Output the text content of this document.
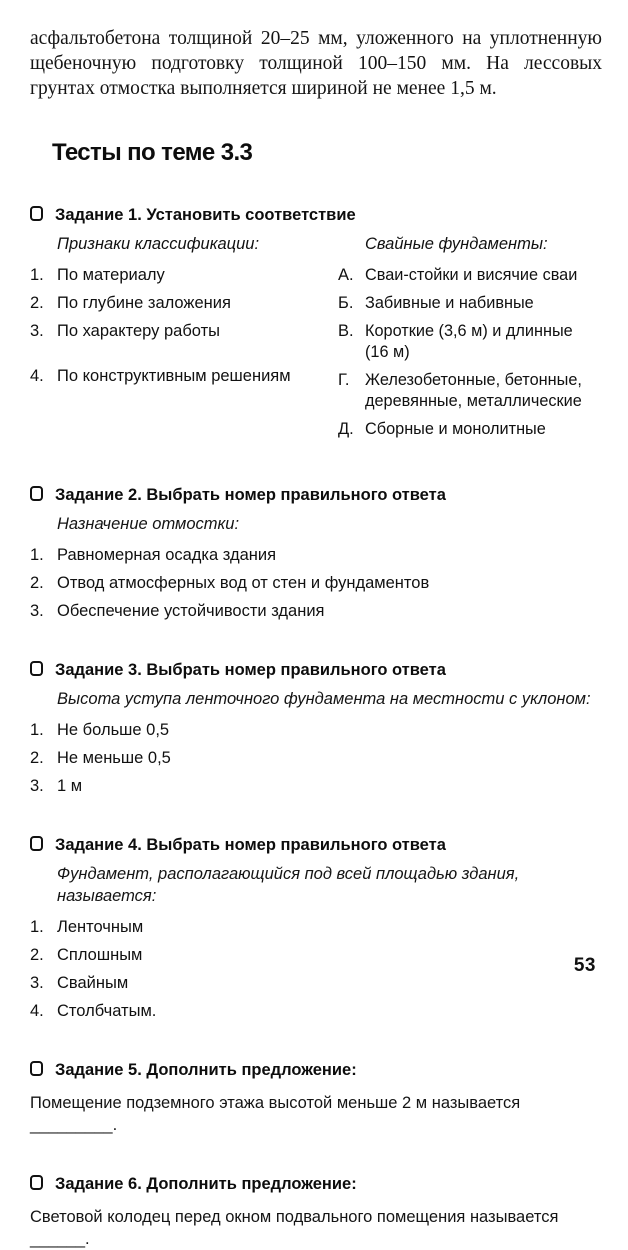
асфальтобетона толщиной 20–25 мм, уложенного на уплотненную щебеночную подготовку толщиной 100–150 мм. На лессовых грунтах отмостка выполняется шириной не менее 1,5 м.

Тесты по теме 3.3
Задание 1. Установить соответствие
Признаки классификации:
1. По материалу
2. По глубине заложения
3. По характеру работы
4. По конструктивным решениям
Свайные фундаменты:
А. Сваи-стойки и висячие сваи
Б. Забивные и набивные
В. Короткие (3,6 м) и длинные (16 м)
Г. Железобетонные, бетонные, деревянные, металлические
Д. Сборные и монолитные
Задание 2. Выбрать номер правильного ответа
Назначение отмостки:
1. Равномерная осадка здания
2. Отвод атмосферных вод от стен и фундаментов
3. Обеспечение устойчивости здания
Задание 3. Выбрать номер правильного ответа
Высота уступа ленточного фундамента на местности с уклоном:
1. Не больше 0,5
2. Не меньше 0,5
3. 1 м
Задание 4. Выбрать номер правильного ответа
Фундамент, располагающийся под всей площадью здания, называется:
1. Ленточным
2. Сплошным
3. Свайным
4. Столбчатым.
Задание 5. Дополнить предложение:
Помещение подземного этажа высотой меньше 2 м называется _________.
Задание 6. Дополнить предложение:
Световой колодец перед окном подвального помещения называется ______.
53
